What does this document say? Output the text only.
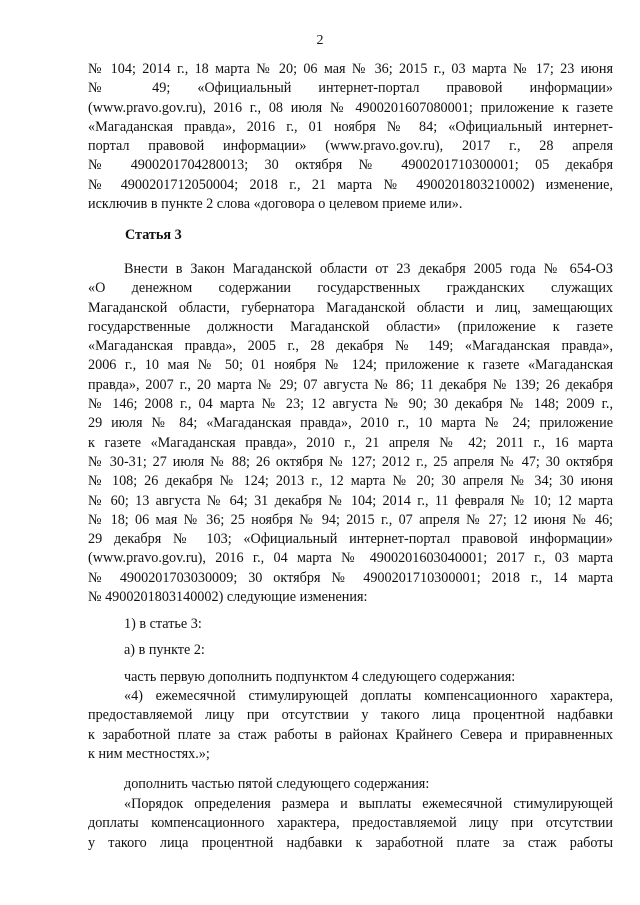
2
№ 104; 2014 г., 18 марта № 20; 06 мая № 36; 2015 г., 03 марта № 17; 23 июня
№ 49; «Официальный интернет-портал правовой информации»
(www.pravo.gov.ru), 2016 г., 08 июля № 4900201607080001; приложение к газете
«Магаданская правда», 2016 г., 01 ноября № 84; «Официальный интернет-
портал правовой информации» (www.pravo.gov.ru), 2017 г., 28 апреля
№ 4900201704280013; 30 октября № 4900201710300001; 05 декабря
№ 4900201712050004; 2018 г., 21 марта № 4900201803210002) изменение,
исключив в пункте 2 слова «договора о целевом приеме или».
Статья 3
Внести в Закон Магаданской области от 23 декабря 2005 года № 654-ОЗ
«О денежном содержании государственных гражданских служащих
Магаданской области, губернатора Магаданской области и лиц, замещающих
государственные должности Магаданской области» (приложение к газете
«Магаданская правда», 2005 г., 28 декабря № 149; «Магаданская правда»,
2006 г., 10 мая № 50; 01 ноября № 124; приложение к газете «Магаданская
правда», 2007 г., 20 марта № 29; 07 августа № 86; 11 декабря № 139; 26 декабря
№ 146; 2008 г., 04 марта № 23; 12 августа № 90; 30 декабря № 148; 2009 г.,
29 июля № 84; «Магаданская правда», 2010 г., 10 марта № 24; приложение
к газете «Магаданская правда», 2010 г., 21 апреля № 42; 2011 г., 16 марта
№ 30-31; 27 июля № 88; 26 октября № 127; 2012 г., 25 апреля № 47; 30 октября
№ 108; 26 декабря № 124; 2013 г., 12 марта № 20; 30 апреля № 34; 30 июня
№ 60; 13 августа № 64; 31 декабря № 104; 2014 г., 11 февраля № 10; 12 марта
№ 18; 06 мая № 36; 25 ноября № 94; 2015 г., 07 апреля № 27; 12 июня № 46;
29 декабря № 103; «Официальный интернет-портал правовой информации»
(www.pravo.gov.ru), 2016 г., 04 марта № 4900201603040001; 2017 г., 03 марта
№ 4900201703030009; 30 октября № 4900201710300001; 2018 г., 14 марта
№ 4900201803140002) следующие изменения:

1) в статье 3:

а) в пункте 2:

часть первую дополнить подпунктом 4 следующего содержания:

«4) ежемесячной стимулирующей доплаты компенсационного характера,
предоставляемой лицу при отсутствии у такого лица процентной надбавки
к заработной плате за стаж работы в районах Крайнего Севера и приравненных
к ним местностях.»;

дополнить частью пятой следующего содержания:

«Порядок определения размера и выплаты ежемесячной стимулирующей
доплаты компенсационного характера, предоставляемой лицу при отсутствии
у такого лица процентной надбавки к заработной плате за стаж работы
